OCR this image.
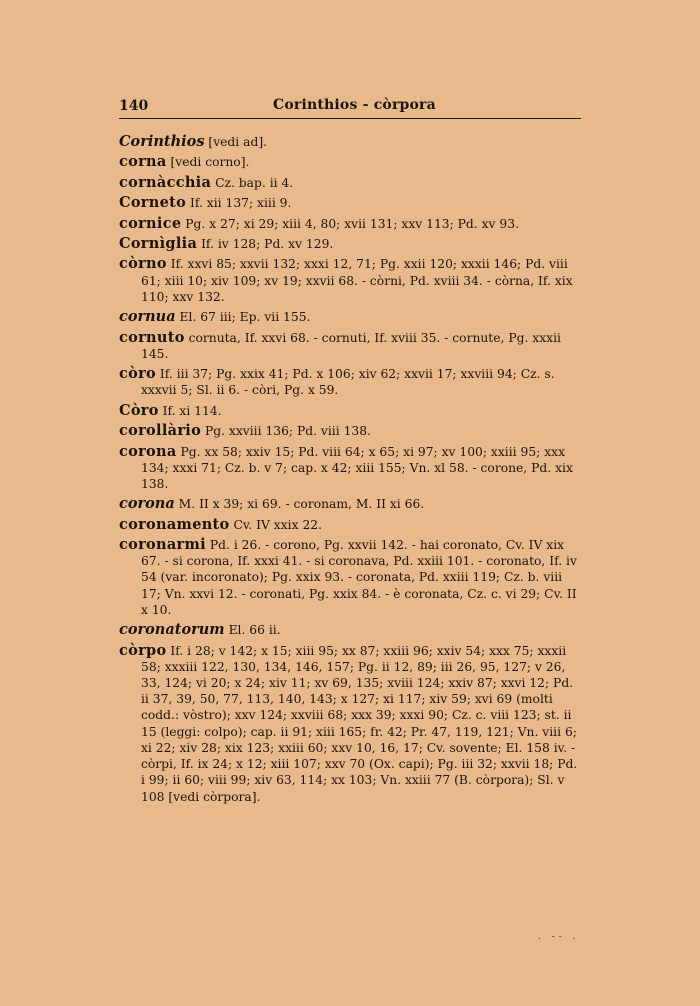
140	Corinthios - còrpora
Corinthios [vedi ad].
corna [vedi corno].
cornàcchia Cz. bap. ii 4.
Corneto If. xii 137; xiii 9.
cornice Pg. x 27; xi 29; xiii 4, 80; xvii 131; xxv 113; Pd. xv 93.
Cornìglia If. iv 128; Pd. xv 129.
còrno If. xxvi 85; xxvii 132; xxxi 12, 71; Pg. xxii 120; xxxii 146; Pd. viii 61; xiii 10; xiv 109; xv 19; xxvii 68. - còrni, Pd. xviii 34. - còrna, If. xix 110; xxv 132.
cornua El. 67 iii; Ep. vii 155.
cornuto cornuta, If. xxvi 68. - cornuti, If. xviii 35. - cornute, Pg. xxxii 145.
còro If. iii 37; Pg. xxix 41; Pd. x 106; xiv 62; xxvii 17; xxviii 94; Cz. s. xxxvii 5; Sl. ii 6. - còri, Pg. x 59.
Còro If. xi 114.
corollàrio Pg. xxviii 136; Pd. viii 138.
corona Pg. xx 58; xxiv 15; Pd. viii 64; x 65; xi 97; xv 100; xxiii 95; xxx 134; xxxi 71; Cz. b. v 7; cap. x 42; xiii 155; Vn. xl 58. - corone, Pd. xix 138.
corona M. II x 39; xi 69. - coronam, M. II xi 66.
coronamento Cv. IV xxix 22.
coronarmi Pd. i 26. - corono, Pg. xxvii 142. - hai coronato, Cv. IV xix 67. - si corona, If. xxxi 41. - si coronava, Pd. xxiii 101. - coronato, If. iv 54 (var. incoronato); Pg. xxix 93. - coronata, Pd. xxiii 119; Cz. b. viii 17; Vn. xxvi 12. - coronati, Pg. xxix 84. - è coronata, Cz. c. vi 29; Cv. II x 10.
coronatorum El. 66 ii.
còrpo If. i 28; v 142; x 15; xiii 95; xx 87; xxiii 96; xxiv 54; xxx 75; xxxii 58; xxxiii 122, 130, 134, 146, 157; Pg. ii 12, 89; iii 26, 95, 127; v 26, 33, 124; vi 20; x 24; xiv 11; xv 69, 135; xviii 124; xxiv 87; xxvi 12; Pd. ii 37, 39, 50, 77, 113, 140, 143; x 127; xi 117; xiv 59; xvi 69 (molti codd.: vòstro); xxv 124; xxviii 68; xxx 39; xxxi 90; Cz. c. viii 123; st. ii 15 (leggi: colpo); cap. ii 91; xiii 165; fr. 42; Pr. 47, 119, 121; Vn. viii 6; xi 22; xiv 28; xix 123; xxiii 60; xxv 10, 16, 17; Cv. sovente; El. 158 iv. - còrpi, If. ix 24; x 12; xiii 107; xxv 70 (Ox. capi); Pg. iii 32; xxvii 18; Pd. i 99; ii 60; viii 99; xiv 63, 114; xx 103; Vn. xxiii 77 (B. còrpora); Sl. v 108 [vedi còrpora].
. -- .
